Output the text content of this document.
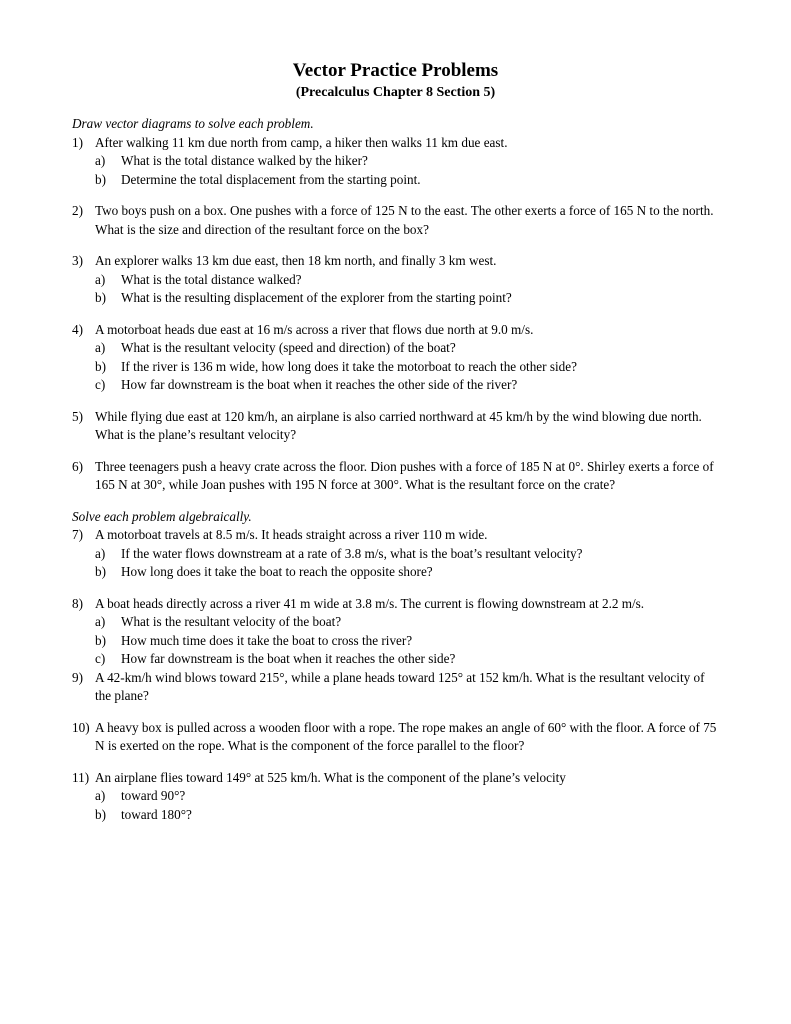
Vector Practice Problems
(Precalculus Chapter 8 Section 5)

Draw vector diagrams to solve each problem.

1) After walking 11 km due north from camp, a hiker then walks 11 km due east.
a)	What is the total distance walked by the hiker?
b)	Determine the total displacement from the starting point.
2) Two boys push on a box. One pushes with a force of 125 N to the east. The other exerts a force of 165 N to the north. What is the size and direction of the resultant force on the box?
3) An explorer walks 13 km due east, then 18 km north, and finally 3 km west.
a)	What is the total distance walked?
b)	What is the resulting displacement of the explorer from the starting point?
4) A motorboat heads due east at 16 m/s across a river that flows due north at 9.0 m/s.
a)	What is the resultant velocity (speed and direction) of the boat?
b)	If the river is 136 m wide, how long does it take the motorboat to reach the other side?
c)	How far downstream is the boat when it reaches the other side of the river?
5) While flying due east at 120 km/h, an airplane is also carried northward at 45 km/h by the wind blowing due north. What is the plane’s resultant velocity?
6) Three teenagers push a heavy crate across the floor. Dion pushes with a force of 185 N at 0°. Shirley exerts a force of 165 N at 30°, while Joan pushes with 195 N force at 300°. What is the resultant force on the crate?

Solve each problem algebraically.

7) A motorboat travels at 8.5 m/s. It heads straight across a river 110 m wide.
a)	If the water flows downstream at a rate of 3.8 m/s, what is the boat’s resultant velocity?
b)	How long does it take the boat to reach the opposite shore?
8) A boat heads directly across a river 41 m wide at 3.8 m/s. The current is flowing downstream at 2.2 m/s.
a)	What is the resultant velocity of the boat?
b)	How much time does it take the boat to cross the river?
c)	How far downstream is the boat when it reaches the other side?
9) A 42-km/h wind blows toward 215°, while a plane heads toward 125° at 152 km/h. What is the resultant velocity of the plane?
10) A heavy box is pulled across a wooden floor with a rope. The rope makes an angle of 60° with the floor. A force of 75 N is exerted on the rope. What is the component of the force parallel to the floor?
11) An airplane flies toward 149° at 525 km/h. What is the component of the plane’s velocity
a)	toward 90°?
b)	toward 180°?
